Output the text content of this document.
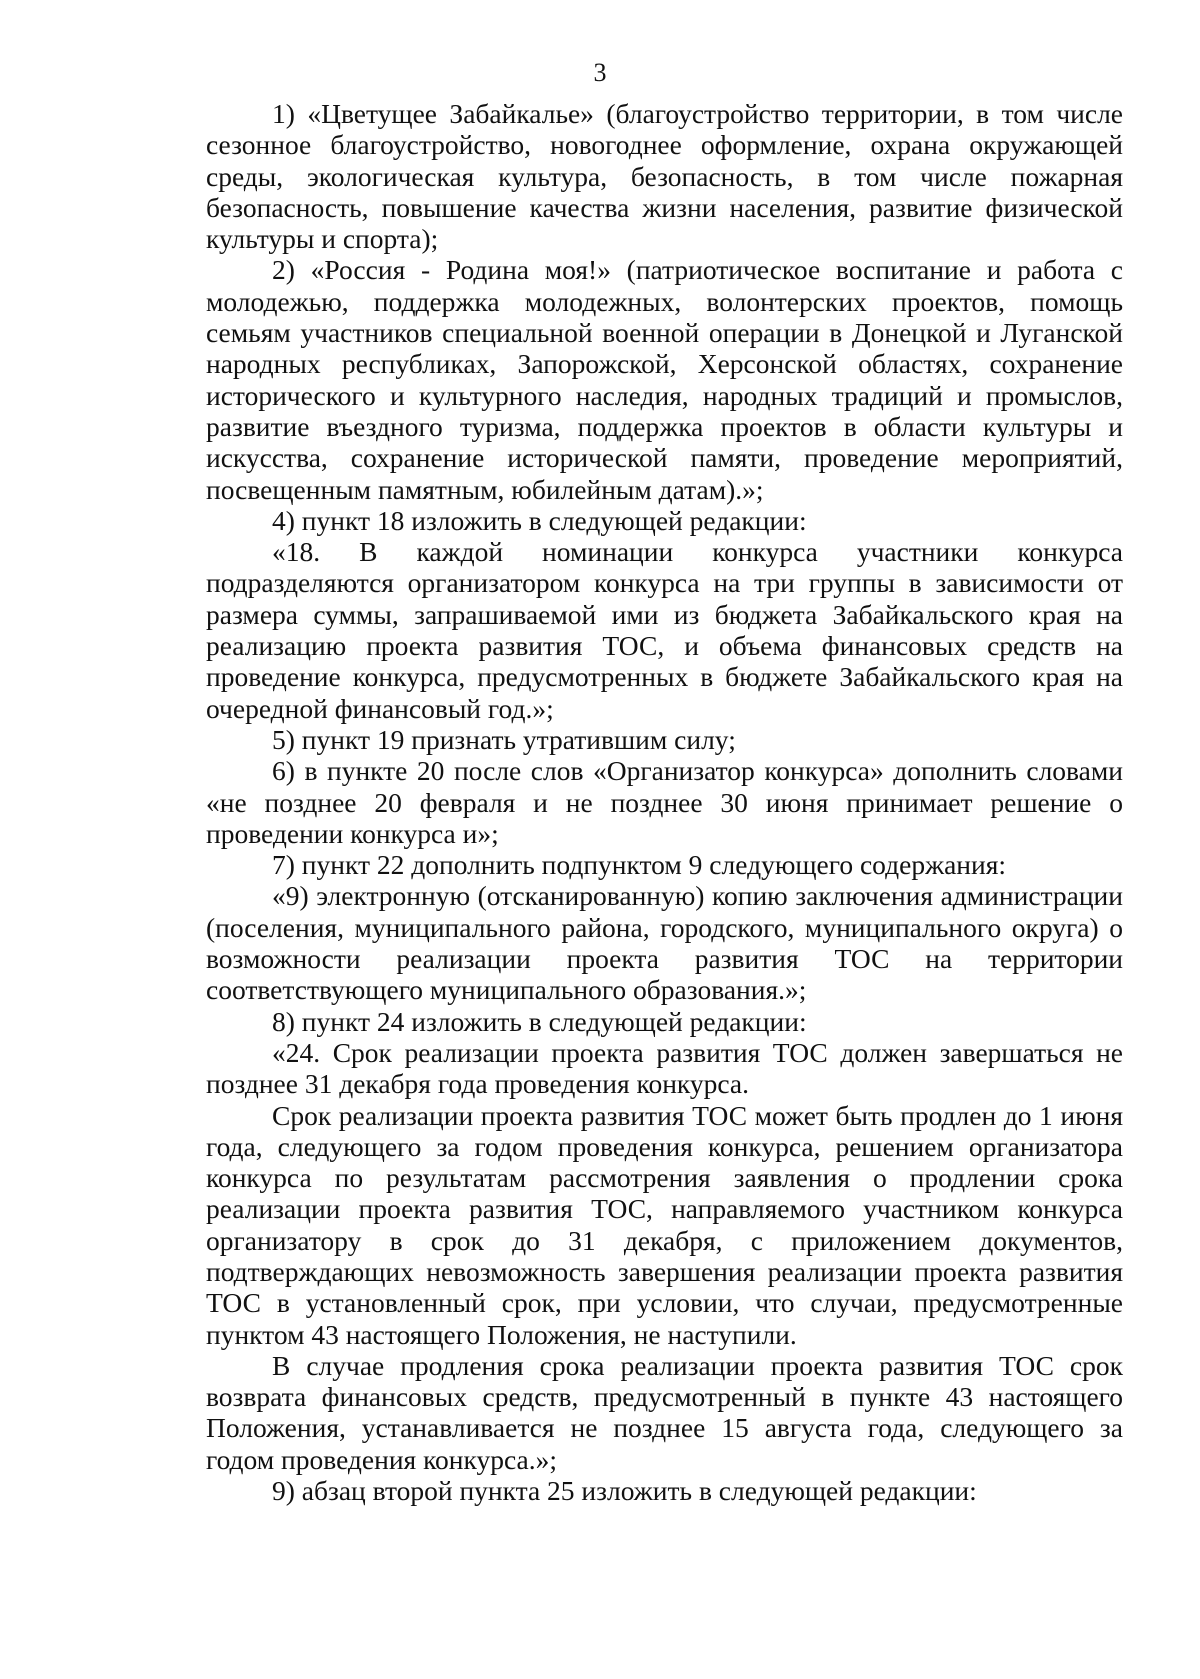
3

1) «Цветущее Забайкалье» (благоустройство территории, в том числе сезонное благоустройство, новогоднее оформление, охрана окружающей среды, экологическая культура, безопасность, в том числе пожарная безопасность, повышение качества жизни населения, развитие физической культуры и спорта);

2) «Россия - Родина моя!» (патриотическое воспитание и работа с молодежью, поддержка молодежных, волонтерских проектов, помощь семьям участников специальной военной операции в Донецкой и Луганской народных республиках, Запорожской, Херсонской областях, сохранение исторического и культурного наследия, народных традиций и промыслов, развитие въездного туризма, поддержка проектов в области культуры и искусства, сохранение исторической памяти, проведение мероприятий, посвещенным памятным, юбилейным датам).»;

4) пункт 18 изложить в следующей редакции:

«18. В каждой номинации конкурса участники конкурса подразделяются организатором конкурса на три группы в зависимости от размера суммы, запрашиваемой ими из бюджета Забайкальского края на реализацию проекта развития ТОС, и объема финансовых средств на проведение конкурса, предусмотренных в бюджете Забайкальского края на очередной финансовый год.»;

5) пункт 19 признать утратившим силу;

6) в пункте 20 после слов «Организатор конкурса» дополнить словами «не позднее 20 февраля и не позднее 30 июня принимает решение о проведении конкурса и»;

7) пункт 22 дополнить подпунктом 9 следующего содержания:

«9) электронную (отсканированную) копию заключения администрации (поселения, муниципального района, городского, муниципального округа) о возможности реализации проекта развития ТОС на территории соответствующего муниципального образования.»;

8) пункт 24 изложить в следующей редакции:

«24. Срок реализации проекта развития ТОС должен завершаться не позднее 31 декабря года проведения конкурса.

Срок реализации проекта развития ТОС может быть продлен до 1 июня года, следующего за годом проведения конкурса, решением организатора конкурса по результатам рассмотрения заявления о продлении срока реализации проекта развития ТОС, направляемого участником конкурса организатору в срок до 31 декабря, с приложением документов, подтверждающих невозможность завершения реализации проекта развития ТОС в установленный срок, при условии, что случаи, предусмотренные пунктом 43 настоящего Положения, не наступили.

В случае продления срока реализации проекта развития ТОС срок возврата финансовых средств, предусмотренный в пункте 43 настоящего Положения, устанавливается не позднее 15 августа года, следующего за годом проведения конкурса.»;

9) абзац второй пункта 25 изложить в следующей редакции:
